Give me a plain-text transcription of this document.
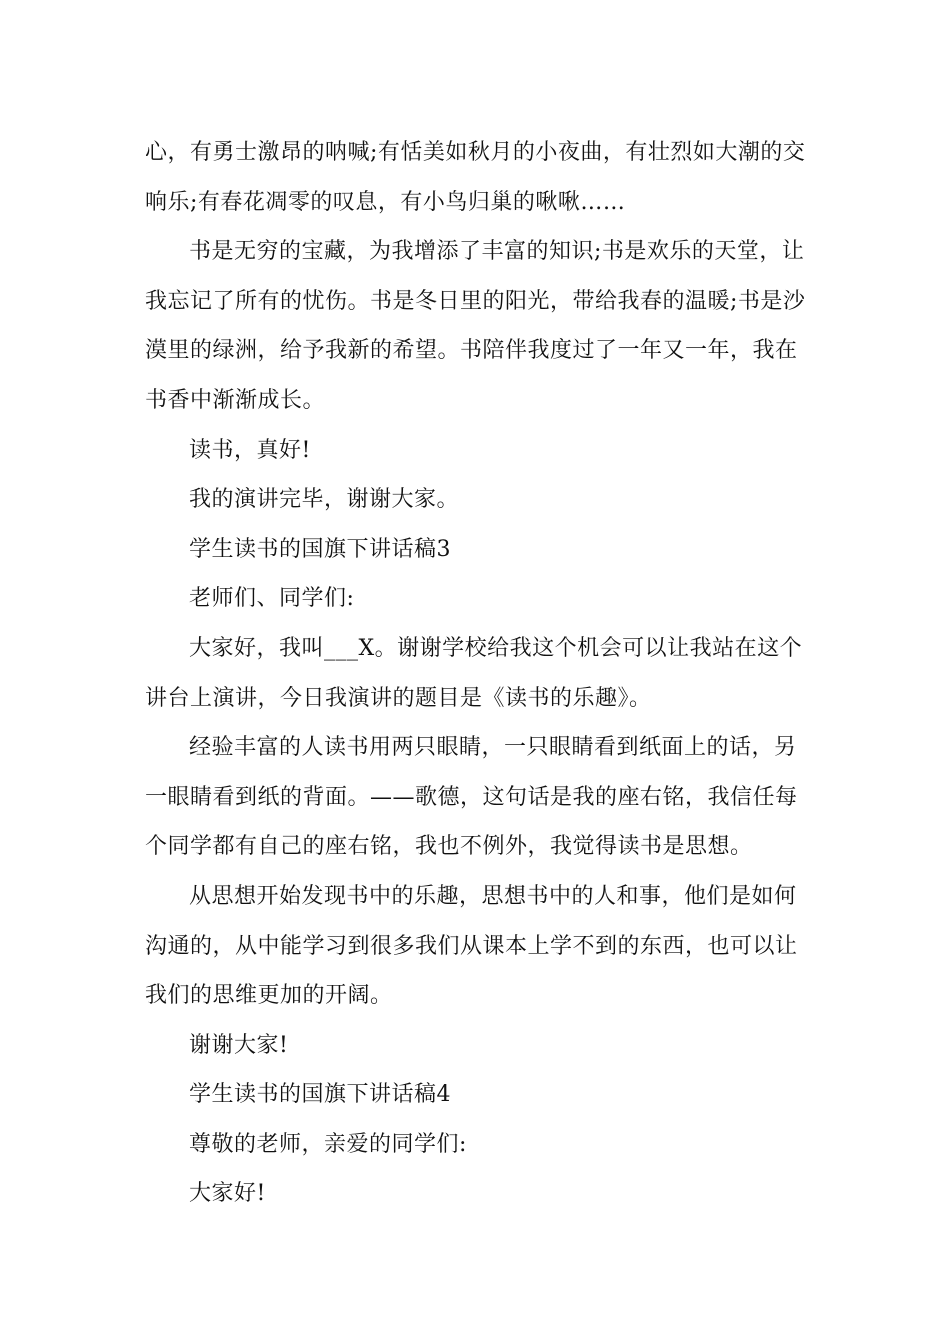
心，有勇士激昂的呐喊;有恬美如秋月的小夜曲，有壮烈如大潮的交响乐;有春花凋零的叹息，有小鸟归巢的啾啾……

书是无穷的宝藏，为我增添了丰富的知识;书是欢乐的天堂，让我忘记了所有的忧伤。书是冬日里的阳光，带给我春的温暖;书是沙漠里的绿洲，给予我新的希望。书陪伴我度过了一年又一年，我在书香中渐渐成长。

读书，真好!

我的演讲完毕，谢谢大家。

学生读书的国旗下讲话稿3

老师们、同学们:

大家好，我叫___X。谢谢学校给我这个机会可以让我站在这个讲台上演讲，今日我演讲的题目是《读书的乐趣》。

经验丰富的人读书用两只眼睛，一只眼睛看到纸面上的话，另一眼睛看到纸的背面。——歌德，这句话是我的座右铭，我信任每个同学都有自己的座右铭，我也不例外，我觉得读书是思想。

从思想开始发现书中的乐趣，思想书中的人和事，他们是如何沟通的，从中能学习到很多我们从课本上学不到的东西，也可以让我们的思维更加的开阔。

谢谢大家!

学生读书的国旗下讲话稿4

尊敬的老师，亲爱的同学们:

大家好!
